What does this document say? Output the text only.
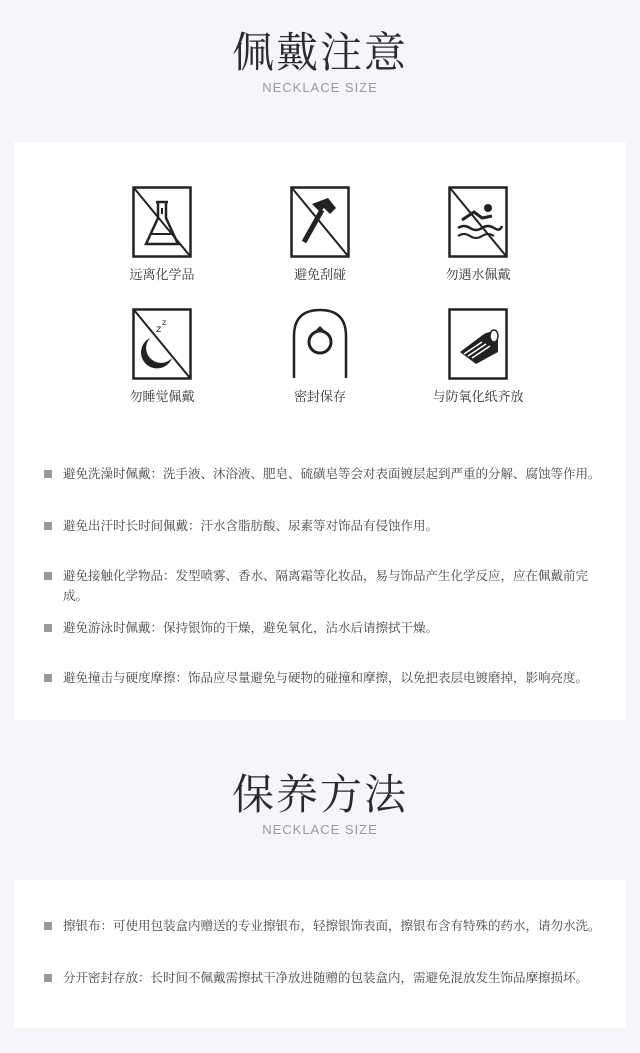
佩戴注意
NECKLACE SIZE
远离化学品	避免刮碰	勿遇水佩戴
z
z
勿睡觉佩戴	密封保存	与防氧化纸齐放
避免洗澡时佩戴：洗手液、沐浴液、肥皂、硫磺皂等会对表面镀层起到严重的分解、腐蚀等作用。
避免出汗时长时间佩戴：汗水含脂肪酸、尿素等对饰品有侵蚀作用。
避免接触化学物品：发型喷雾、香水、隔离霜等化妆品，易与饰品产生化学反应，应在佩戴前完成。
避免游泳时佩戴：保持银饰的干燥，避免氧化，沾水后请擦拭干燥。
避免撞击与硬度摩擦：饰品应尽量避免与硬物的碰撞和摩擦，以免把表层电镀磨掉，影响亮度。
保养方法
NECKLACE SIZE
擦银布：可使用包装盒内赠送的专业擦银布，轻擦银饰表面，擦银布含有特殊的药水，请勿水洗。
分开密封存放：长时间不佩戴需擦拭干净放进随赠的包装盒内，需避免混放发生饰品摩擦损坏。
